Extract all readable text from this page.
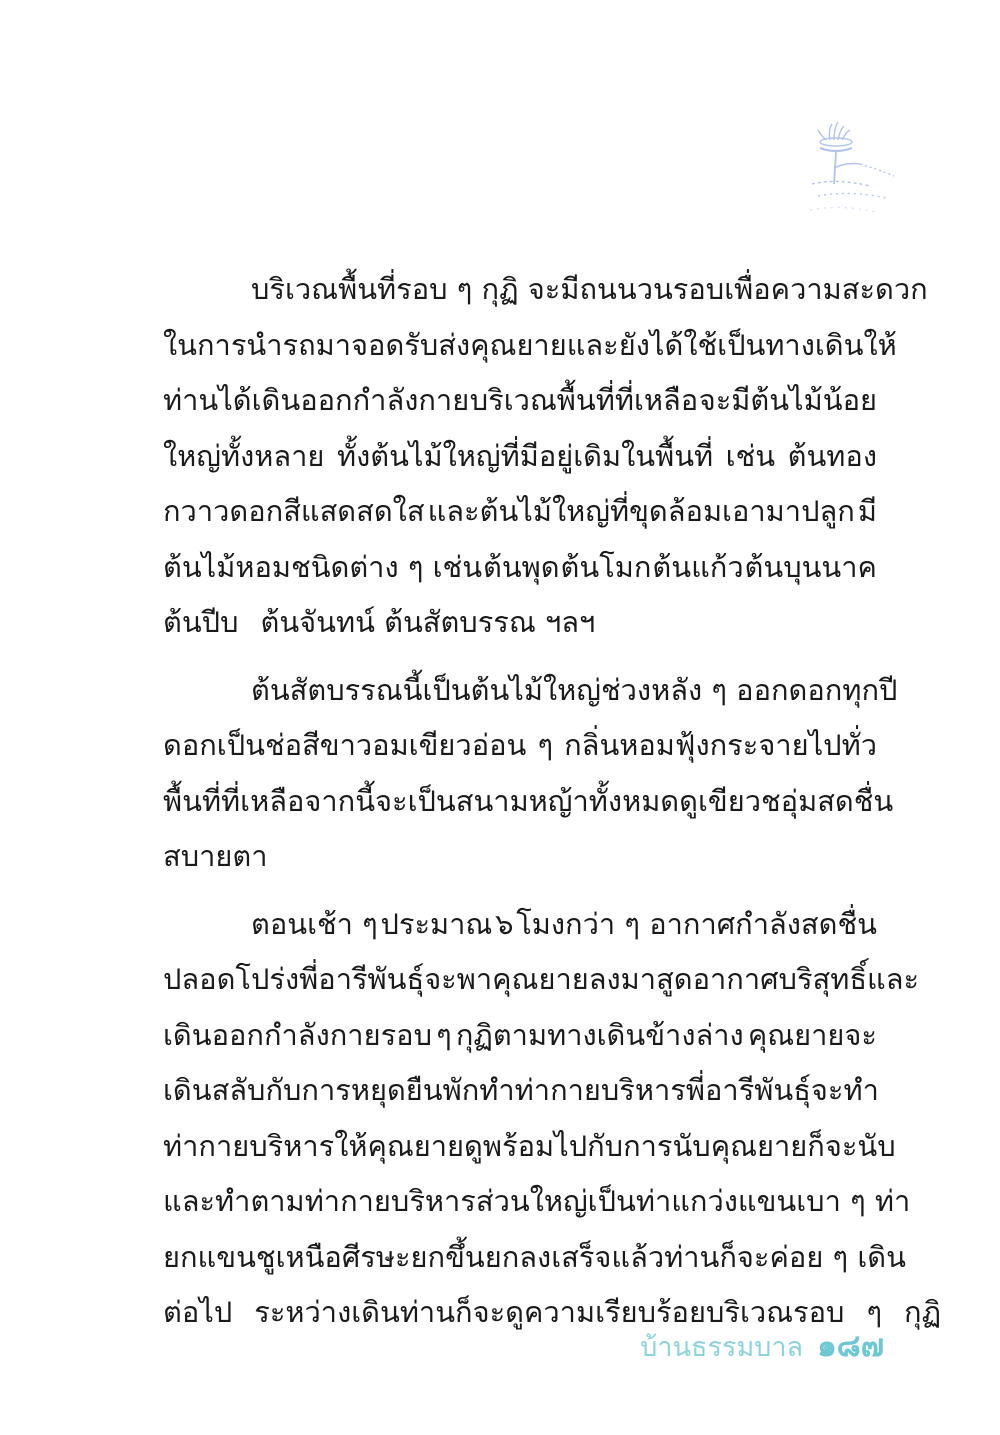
บริเวณพื้นที่รอบ ๆ กุฏิ จะมีถนนวนรอบ เพื่อความสะดวก
ในการนำรถมาจอดรับส่งคุณยาย และยังได้ใช้เป็นทางเดินให้
ท่านได้เดินออกกำลังกาย บริเวณพื้นที่ที่เหลือ จะมีต้นไม้น้อย
ใหญ่ทั้งหลาย ทั้งต้นไม้ใหญ่ที่มีอยู่เดิมในพื้นที่ เช่น ต้นทอง
กวาวดอกสีแสดสดใส และต้นไม้ใหญ่ที่ขุดล้อมเอามาปลูก มี
ต้นไม้หอมชนิดต่าง ๆ เช่น ต้นพุด ต้นโมก ต้นแก้ว ต้นบุนนาค
ต้นปีบ ต้นจันทน์ ต้นสัตบรรณ ฯลฯ
ต้นสัตบรรณนี้เป็นต้นไม้ใหญ่ ช่วงหลัง ๆ ออกดอกทุกปี
ดอกเป็นช่อสีขาวอมเขียวอ่อน ๆ กลิ่นหอมฟุ้งกระจายไปทั่ว
พื้นที่ที่เหลือจากนี้จะเป็นสนามหญ้าทั้งหมด ดูเขียวชอุ่ม สดชื่น
สบายตา
ตอนเช้า ๆ ประมาณ ๖ โมงกว่า ๆ อากาศกำลังสดชื่น
ปลอดโปร่ง พี่อารีพันธุ์จะพาคุณยายลงมาสูดอากาศบริสุทธิ์และ
เดินออกกำลังกายรอบ ๆ กุฏิตามทางเดินข้างล่าง คุณยายจะ
เดินสลับกับการหยุดยืนพักทำท่ากายบริหาร พี่อารีพันธุ์จะทำ
ท่ากายบริหารให้คุณยายดูพร้อมไปกับการนับ คุณยายก็จะนับ
และทำตาม ท่ากายบริหารส่วนใหญ่เป็นท่าแกว่งแขนเบา ๆ ท่า
ยกแขนชูเหนือศีรษะ ยกขึ้นยกลง เสร็จแล้วท่านก็จะค่อย ๆ เดิน
ต่อไป ระหว่างเดินท่านก็จะดูความเรียบร้อยบริเวณรอบ ๆ กุฏิ
บ้านธรรมบาล ๑๘๗
